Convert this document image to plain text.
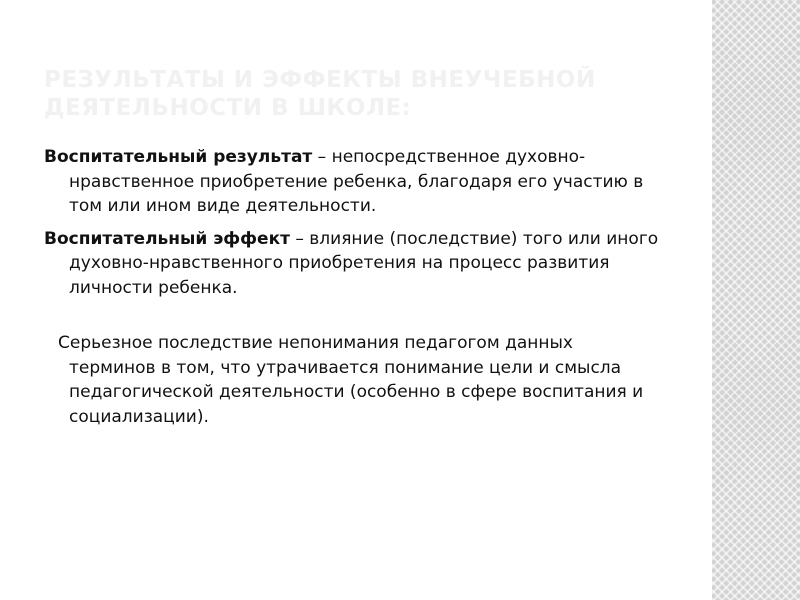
РЕЗУЛЬТАТЫ И ЭФФЕКТЫ ВНЕУЧЕБНОЙ ДЕЯТЕЛЬНОСТИ В ШКОЛЕ:

Воспитательный результат – непосредственное духовно-нравственное приобретение ребенка, благодаря его участию в том или ином виде деятельности.

Воспитательный эффект – влияние (последствие) того или иного духовно-нравственного приобретения на процесс развития личности ребенка.

Серьезное последствие непонимания педагогом данных терминов в том, что утрачивается понимание цели и смысла педагогической деятельности (особенно в сфере воспитания и социализации).
